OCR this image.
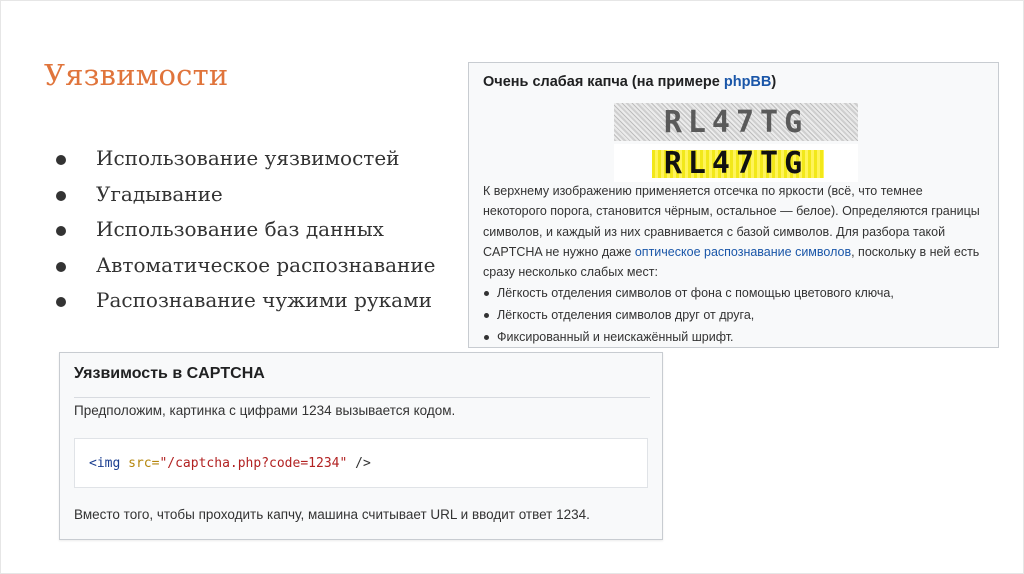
Уязвимости
Использование уязвимостей
Угадывание
Использование баз данных
Автоматическое распознавание
Распознавание чужими руками
Очень слабая капча (на примере phpBB)
RL47TG
RL47TG
К верхнему изображению применяется отсечка по яркости (всё, что темнее некоторого порога, становится чёрным, остальное — белое). Определяются границы символов, и каждый из них сравнивается с базой символов. Для разбора такой CAPTCHA не нужно даже оптическое распознавание символов, поскольку в ней есть сразу несколько слабых мест:
Лёгкость отделения символов от фона с помощью цветового ключа,
Лёгкость отделения символов друг от друга,
Фиксированный и неискажённый шрифт.
Уязвимость в CAPTCHA
Предположим, картинка с цифрами 1234 вызывается кодом.
<img src="/captcha.php?code=1234" />
Вместо того, чтобы проходить капчу, машина считывает URL и вводит ответ 1234.
